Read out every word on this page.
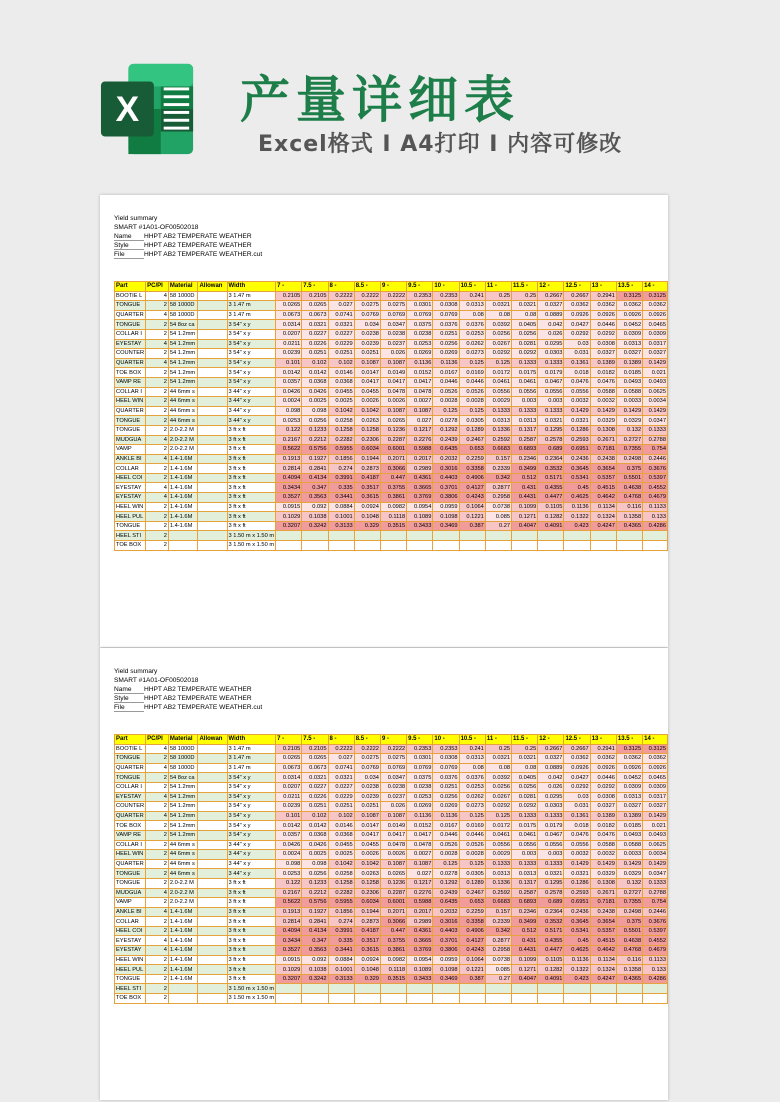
X 产量详细表
Excel格式 I A4打印 I 内容可修改
Yield summary
SMART #1A01-OF00502018
Name	HHPT AB2 TEMPERATE WEATHER
Style	HHPT AB2 TEMPERATE WEATHER
File	HHPT AB2 TEMPERATE WEATHER.cut
Part	PC/PI	Material	Allowan	Width	7 -	7.5 -	8 -	8.5 -	9 -	9.5 -	10 -	10.5 -	11 -	11.5 -	12 -	12.5 -	13 -	13.5 -	14 -
BOOTIE L	4	58 1000D		3 1.47 m	0.2105	0.2105	0.2222	0.2222	0.2222	0.2353	0.2353	0.241	0.25	0.25	0.2667	0.2667	0.2941	0.3125	0.3125
TONGUE	2	58 1000D		3 1.47 m	0.0265	0.0265	0.027	0.0275	0.0275	0.0301	0.0308	0.0313	0.0321	0.0321	0.0327	0.0362	0.0362	0.0362	0.0362
QUARTER	4	58 1000D		3 1.47 m	0.0673	0.0673	0.0741	0.0769	0.0769	0.0769	0.0769	0.08	0.08	0.08	0.0889	0.0926	0.0926	0.0926	0.0926
TONGUE	2	54 8oz ca		3 54" x y	0.0314	0.0321	0.0321	0.034	0.0347	0.0375	0.0376	0.0376	0.0392	0.0405	0.042	0.0427	0.0446	0.0452	0.0465
COLLAR I	2	54 1.2mm		3 54" x y	0.0207	0.0227	0.0227	0.0238	0.0238	0.0238	0.0251	0.0253	0.0256	0.0256	0.026	0.0292	0.0292	0.0309	0.0309
EYESTAY	4	54 1.2mm		3 54" x y	0.0211	0.0226	0.0229	0.0239	0.0237	0.0253	0.0256	0.0262	0.0267	0.0281	0.0295	0.03	0.0308	0.0313	0.0317
COUNTER	2	54 1.2mm		3 54" x y	0.0239	0.0251	0.0251	0.0251	0.026	0.0269	0.0269	0.0273	0.0292	0.0292	0.0303	0.031	0.0327	0.0327	0.0327
QUARTER	4	54 1.2mm		3 54" x y	0.101	0.102	0.102	0.1087	0.1087	0.1136	0.1136	0.125	0.125	0.1333	0.1333	0.1361	0.1389	0.1389	0.1429
TOE BOX	2	54 1.2mm		3 54" x y	0.0142	0.0142	0.0146	0.0147	0.0149	0.0152	0.0167	0.0169	0.0172	0.0175	0.0179	0.018	0.0182	0.0185	0.021
VAMP RE	2	54 1.2mm		3 54" x y	0.0357	0.0368	0.0368	0.0417	0.0417	0.0417	0.0446	0.0446	0.0461	0.0461	0.0467	0.0476	0.0476	0.0493	0.0493
COLLAR I	2	44 6mm s		3 44" x y	0.0426	0.0426	0.0455	0.0455	0.0478	0.0478	0.0526	0.0526	0.0556	0.0556	0.0556	0.0556	0.0588	0.0588	0.0625
HEEL WIN	2	44 6mm s		3 44" x y	0.0024	0.0025	0.0025	0.0026	0.0026	0.0027	0.0028	0.0028	0.0029	0.003	0.003	0.0032	0.0032	0.0033	0.0034
QUARTER	2	44 6mm s		3 44" x y	0.098	0.098	0.1042	0.1042	0.1087	0.1087	0.125	0.125	0.1333	0.1333	0.1333	0.1429	0.1429	0.1429	0.1429
TONGUE	2	44 6mm s		3 44" x y	0.0253	0.0256	0.0258	0.0263	0.0265	0.027	0.0278	0.0305	0.0313	0.0313	0.0321	0.0321	0.0329	0.0329	0.0347
TONGUE	2	2.0-2.2 M		3 ft x ft	0.122	0.1233	0.1258	0.1258	0.1236	0.1217	0.1292	0.1289	0.1336	0.1317	0.1295	0.1286	0.1308	0.132	0.1333
MUDGUA	4	2.0-2.2 M		3 ft x ft	0.2167	0.2212	0.2282	0.2306	0.2287	0.2276	0.2439	0.2467	0.2592	0.2587	0.2578	0.2593	0.2671	0.2727	0.2788
VAMP	2	2.0-2.2 M		3 ft x ft	0.5622	0.5756	0.5955	0.6034	0.6001	0.5988	0.6435	0.653	0.6683	0.6893	0.689	0.6951	0.7181	0.7355	0.754
ANKLE BI	4	1.4-1.6M		3 ft x ft	0.1913	0.1927	0.1856	0.1944	0.2071	0.2017	0.2032	0.2259	0.157	0.2346	0.2364	0.2436	0.2438	0.2498	0.2446
COLLAR	2	1.4-1.6M		3 ft x ft	0.2814	0.2841	0.274	0.2873	0.3066	0.2989	0.3016	0.3358	0.2339	0.3499	0.3532	0.3645	0.3654	0.375	0.3676
HEEL COI	2	1.4-1.6M		3 ft x ft	0.4094	0.4134	0.3991	0.4187	0.447	0.4361	0.4403	0.4906	0.342	0.512	0.5171	0.5341	0.5357	0.5501	0.5397
EYESTAY	4	1.4-1.6M		3 ft x ft	0.3434	0.347	0.335	0.3517	0.3755	0.3665	0.3701	0.4127	0.2877	0.431	0.4355	0.45	0.4515	0.4638	0.4552
EYESTAY	4	1.4-1.6M		3 ft x ft	0.3527	0.3563	0.3441	0.3615	0.3861	0.3769	0.3806	0.4243	0.2958	0.4431	0.4477	0.4625	0.4642	0.4768	0.4679
HEEL WIN	2	1.4-1.6M		3 ft x ft	0.0915	0.092	0.0884	0.0924	0.0982	0.0954	0.0959	0.1064	0.0738	0.1099	0.1105	0.1136	0.1134	0.116	0.1133
HEEL PUL	2	1.4-1.6M		3 ft x ft	0.1029	0.1038	0.1001	0.1048	0.1118	0.1089	0.1098	0.1221	0.085	0.1271	0.1282	0.1322	0.1324	0.1358	0.133
TONGUE	2	1.4-1.6M		3 ft x ft	0.3207	0.3242	0.3133	0.329	0.3515	0.3433	0.3469	0.387	0.27	0.4047	0.4091	0.423	0.4247	0.4365	0.4286
HEEL STI	2			3 1.50 m x 1.50 m															
TOE BOX	2			3 1.50 m x 1.50 m															
Yield summary
SMART #1A01-OF00502018
Name	HHPT AB2 TEMPERATE WEATHER
Style	HHPT AB2 TEMPERATE WEATHER
File	HHPT AB2 TEMPERATE WEATHER.cut
Part	PC/PI	Material	Allowan	Width	7 -	7.5 -	8 -	8.5 -	9 -	9.5 -	10 -	10.5 -	11 -	11.5 -	12 -	12.5 -	13 -	13.5 -	14 -
BOOTIE L	4	58 1000D		3 1.47 m	0.2105	0.2105	0.2222	0.2222	0.2222	0.2353	0.2353	0.241	0.25	0.25	0.2667	0.2667	0.2941	0.3125	0.3125
TONGUE	2	58 1000D		3 1.47 m	0.0265	0.0265	0.027	0.0275	0.0275	0.0301	0.0308	0.0313	0.0321	0.0321	0.0327	0.0362	0.0362	0.0362	0.0362
QUARTER	4	58 1000D		3 1.47 m	0.0673	0.0673	0.0741	0.0769	0.0769	0.0769	0.0769	0.08	0.08	0.08	0.0889	0.0926	0.0926	0.0926	0.0926
TONGUE	2	54 8oz ca		3 54" x y	0.0314	0.0321	0.0321	0.034	0.0347	0.0375	0.0376	0.0376	0.0392	0.0405	0.042	0.0427	0.0446	0.0452	0.0465
COLLAR I	2	54 1.2mm		3 54" x y	0.0207	0.0227	0.0227	0.0238	0.0238	0.0238	0.0251	0.0253	0.0256	0.0256	0.026	0.0292	0.0292	0.0309	0.0309
EYESTAY	4	54 1.2mm		3 54" x y	0.0211	0.0226	0.0229	0.0239	0.0237	0.0253	0.0256	0.0262	0.0267	0.0281	0.0295	0.03	0.0308	0.0313	0.0317
COUNTER	2	54 1.2mm		3 54" x y	0.0239	0.0251	0.0251	0.0251	0.026	0.0269	0.0269	0.0273	0.0292	0.0292	0.0303	0.031	0.0327	0.0327	0.0327
QUARTER	4	54 1.2mm		3 54" x y	0.101	0.102	0.102	0.1087	0.1087	0.1136	0.1136	0.125	0.125	0.1333	0.1333	0.1361	0.1389	0.1389	0.1429
TOE BOX	2	54 1.2mm		3 54" x y	0.0142	0.0142	0.0146	0.0147	0.0149	0.0152	0.0167	0.0169	0.0172	0.0175	0.0179	0.018	0.0182	0.0185	0.021
VAMP RE	2	54 1.2mm		3 54" x y	0.0357	0.0368	0.0368	0.0417	0.0417	0.0417	0.0446	0.0446	0.0461	0.0461	0.0467	0.0476	0.0476	0.0493	0.0493
COLLAR I	2	44 6mm s		3 44" x y	0.0426	0.0426	0.0455	0.0455	0.0478	0.0478	0.0526	0.0526	0.0556	0.0556	0.0556	0.0556	0.0588	0.0588	0.0625
HEEL WIN	2	44 6mm s		3 44" x y	0.0024	0.0025	0.0025	0.0026	0.0026	0.0027	0.0028	0.0028	0.0029	0.003	0.003	0.0032	0.0032	0.0033	0.0034
QUARTER	2	44 6mm s		3 44" x y	0.098	0.098	0.1042	0.1042	0.1087	0.1087	0.125	0.125	0.1333	0.1333	0.1333	0.1429	0.1429	0.1429	0.1429
TONGUE	2	44 6mm s		3 44" x y	0.0253	0.0256	0.0258	0.0263	0.0265	0.027	0.0278	0.0305	0.0313	0.0313	0.0321	0.0321	0.0329	0.0329	0.0347
TONGUE	2	2.0-2.2 M		3 ft x ft	0.122	0.1233	0.1258	0.1258	0.1236	0.1217	0.1292	0.1289	0.1336	0.1317	0.1295	0.1286	0.1308	0.132	0.1333
MUDGUA	4	2.0-2.2 M		3 ft x ft	0.2167	0.2212	0.2282	0.2306	0.2287	0.2276	0.2439	0.2467	0.2592	0.2587	0.2578	0.2593	0.2671	0.2727	0.2788
VAMP	2	2.0-2.2 M		3 ft x ft	0.5622	0.5756	0.5955	0.6034	0.6001	0.5988	0.6435	0.653	0.6683	0.6893	0.689	0.6951	0.7181	0.7355	0.754
ANKLE BI	4	1.4-1.6M		3 ft x ft	0.1913	0.1927	0.1856	0.1944	0.2071	0.2017	0.2032	0.2259	0.157	0.2346	0.2364	0.2436	0.2438	0.2498	0.2446
COLLAR	2	1.4-1.6M		3 ft x ft	0.2814	0.2841	0.274	0.2873	0.3066	0.2989	0.3016	0.3358	0.2339	0.3499	0.3532	0.3645	0.3654	0.375	0.3676
HEEL COI	2	1.4-1.6M		3 ft x ft	0.4094	0.4134	0.3991	0.4187	0.447	0.4361	0.4403	0.4906	0.342	0.512	0.5171	0.5341	0.5357	0.5501	0.5397
EYESTAY	4	1.4-1.6M		3 ft x ft	0.3434	0.347	0.335	0.3517	0.3755	0.3665	0.3701	0.4127	0.2877	0.431	0.4355	0.45	0.4515	0.4638	0.4552
EYESTAY	4	1.4-1.6M		3 ft x ft	0.3527	0.3563	0.3441	0.3615	0.3861	0.3769	0.3806	0.4243	0.2958	0.4431	0.4477	0.4625	0.4642	0.4768	0.4679
HEEL WIN	2	1.4-1.6M		3 ft x ft	0.0915	0.092	0.0884	0.0924	0.0982	0.0954	0.0959	0.1064	0.0738	0.1099	0.1105	0.1136	0.1134	0.116	0.1133
HEEL PUL	2	1.4-1.6M		3 ft x ft	0.1029	0.1038	0.1001	0.1048	0.1118	0.1089	0.1098	0.1221	0.085	0.1271	0.1282	0.1322	0.1324	0.1358	0.133
TONGUE	2	1.4-1.6M		3 ft x ft	0.3207	0.3242	0.3133	0.329	0.3515	0.3433	0.3469	0.387	0.27	0.4047	0.4091	0.423	0.4247	0.4365	0.4286
HEEL STI	2			3 1.50 m x 1.50 m															
TOE BOX	2			3 1.50 m x 1.50 m															
